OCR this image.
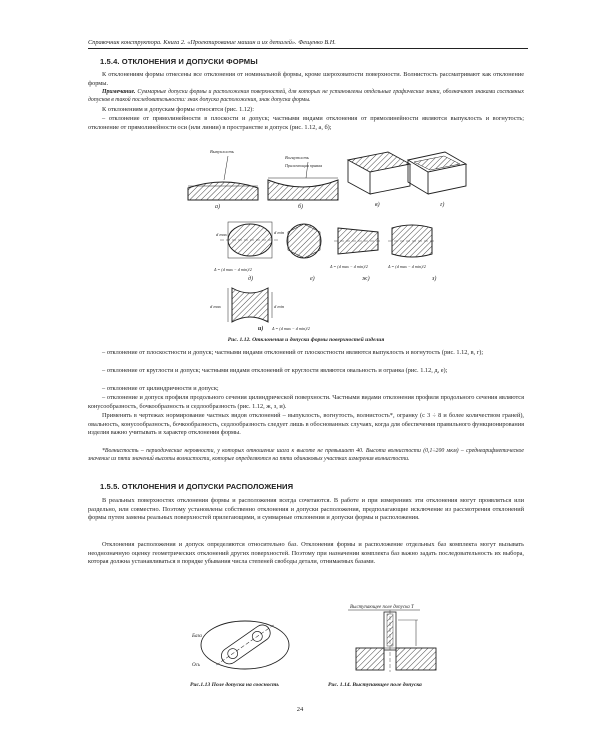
Справочник конструктора. Книга 2. «Проектирование машин и их деталей». Фещенко В.Н.
1.5.4. ОТКЛОНЕНИЯ И ДОПУСКИ ФОРМЫ

К отклонениям формы отнесены все отклонения от номинальной формы, кроме шероховатости поверхности. Волнистость рассматривают как отклонение формы.

Примечание. Суммарные допуски формы и расположения поверхностей, для которых не установлены отдельные графические знаки, обозначают знаками составных допусков в такой последовательности: знак допуска расположения, знак допуска формы.

К отклонениям и допускам формы относятся (рис. 1.12):

– отклонение от прямолинейности в плоскости и допуск; частными видами отклонения от прямолинейности являются выпуклость и вогнутость; отклонение от прямолинейности оси (или линии) в пространстве и допуск (рис. 1.12, а, б);

Выпуклость
а)
Вогнутость
Прилегающая прямая
б)	в)	г)
d max	d min
Δ = (d max − d min)/2
д)	е)
Δ = (d max − d min)/2
ж)
Δ = (d max − d min)/2
з)
d max	d min
Δ = (d max − d min)/2
Рис. 1.12. Отклонения и допуски формы поверхностей изделия
и)

– отклонение от плоскостности и допуск; частными видами отклонений от плоскостности являются выпуклость и вогнутость (рис. 1.12, в, г);

– отклонение от круглости и допуск; частными видами отклонений от круглости являются овальность и огранка (рис. 1.12, д, е);

– отклонение от цилиндричности и допуск;

– отклонение и допуск профиля продольного сечения цилиндрической поверхности. Частными видами отклонения профиля продольного сечения являются конусообразность, бочкообразность и седлообразность (рис. 1.12, ж, з, и).

Применять в чертежах нормирование частных видов отклонений – выпуклость, вогнутость, волнистость*, огранку (с 3 ÷ 8 и более количеством граней), овальность, конусообразность, бочкообразность, седлообразность следует лишь в обоснованных случаях, когда для обеспечения правильного функционирования изделия важно учитывать и характер отклонения формы.

*Волнистость – периодические неровности, у которых отношение шага к высоте не превышает 40. Высота волнистости (0,1÷200 мкм) – среднеарифметическое значение из пяти значений высоты волнистости, которые определяются на пяти одинаковых участках измерения волнистости.

1.5.5. ОТКЛОНЕНИЯ И ДОПУСКИ РАСПОЛОЖЕНИЯ

В реальных поверхностях отклонения формы и расположения всегда сочетаются. В работе и при измерениях эти отклонения могут проявляться или раздельно, или совместно. Поэтому установлены собственно отклонения и допуски расположения, предполагающие исключение из рассмотрения отклонений формы путем замены реальных поверхностей прилегающими, и суммарные отклонения и допуски формы и расположения.

Отклонения расположения и допуск определяются относительно баз. Отклонения формы и расположение отдельных баз комплекта могут вызывать неоднозначную оценку геометрических отклонений других поверхностей. Поэтому при назначении комплекта баз важно задать последовательность их выбора, которая должна устанавливаться в порядке убывания числа степеней свободы детали, отнимаемых базами.

База
Ось
Рис.1.13 Поле допуска на соосность
Выступающее поле допуска T
Рис. 1.14. Выступающее поле допуска
24
